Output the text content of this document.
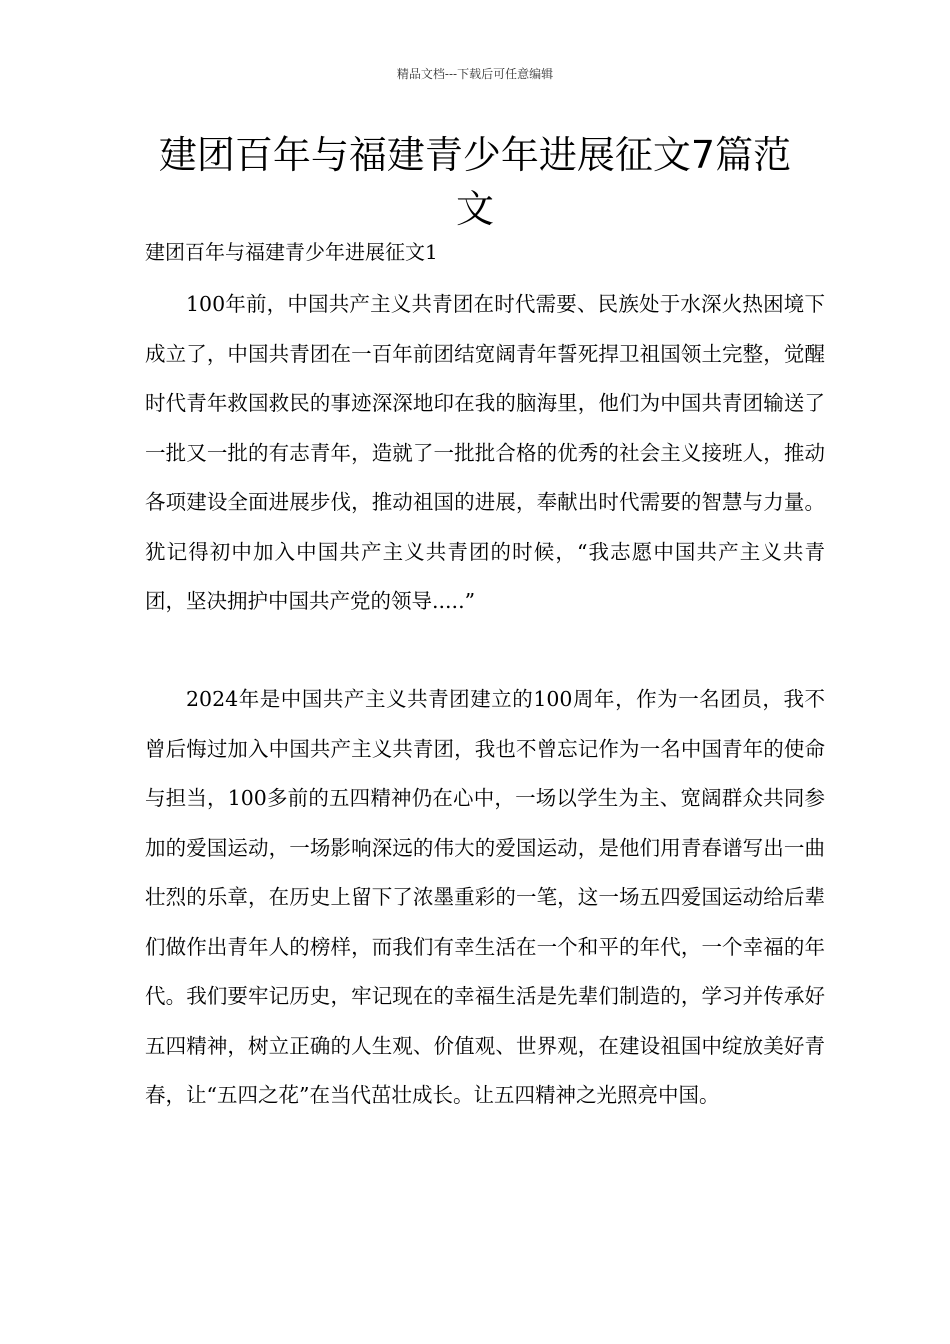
精品文档---下载后可任意编辑
建团百年与福建青少年进展征文7篇范文
建团百年与福建青少年进展征文1

100年前，中国共产主义共青团在时代需要、民族处于水深火热困境下成立了，中国共青团在一百年前团结宽阔青年誓死捍卫祖国领土完整，觉醒时代青年救国救民的事迹深深地印在我的脑海里，他们为中国共青团输送了一批又一批的有志青年，造就了一批批合格的优秀的社会主义接班人，推动各项建设全面进展步伐，推动祖国的进展，奉献出时代需要的智慧与力量。犹记得初中加入中国共产主义共青团的时候，“我志愿中国共产主义共青团，坚决拥护中国共产党的领导.....”

2024年是中国共产主义共青团建立的100周年，作为一名团员，我不曾后悔过加入中国共产主义共青团，我也不曾忘记作为一名中国青年的使命与担当，100多前的五四精神仍在心中，一场以学生为主、宽阔群众共同参加的爱国运动，一场影响深远的伟大的爱国运动，是他们用青春谱写出一曲壮烈的乐章，在历史上留下了浓墨重彩的一笔，这一场五四爱国运动给后辈们做作出青年人的榜样，而我们有幸生活在一个和平的年代，一个幸福的年代。我们要牢记历史，牢记现在的幸福生活是先辈们制造的，学习并传承好五四精神，树立正确的人生观、价值观、世界观，在建设祖国中绽放美好青春，让“五四之花”在当代茁壮成长。让五四精神之光照亮中国。
